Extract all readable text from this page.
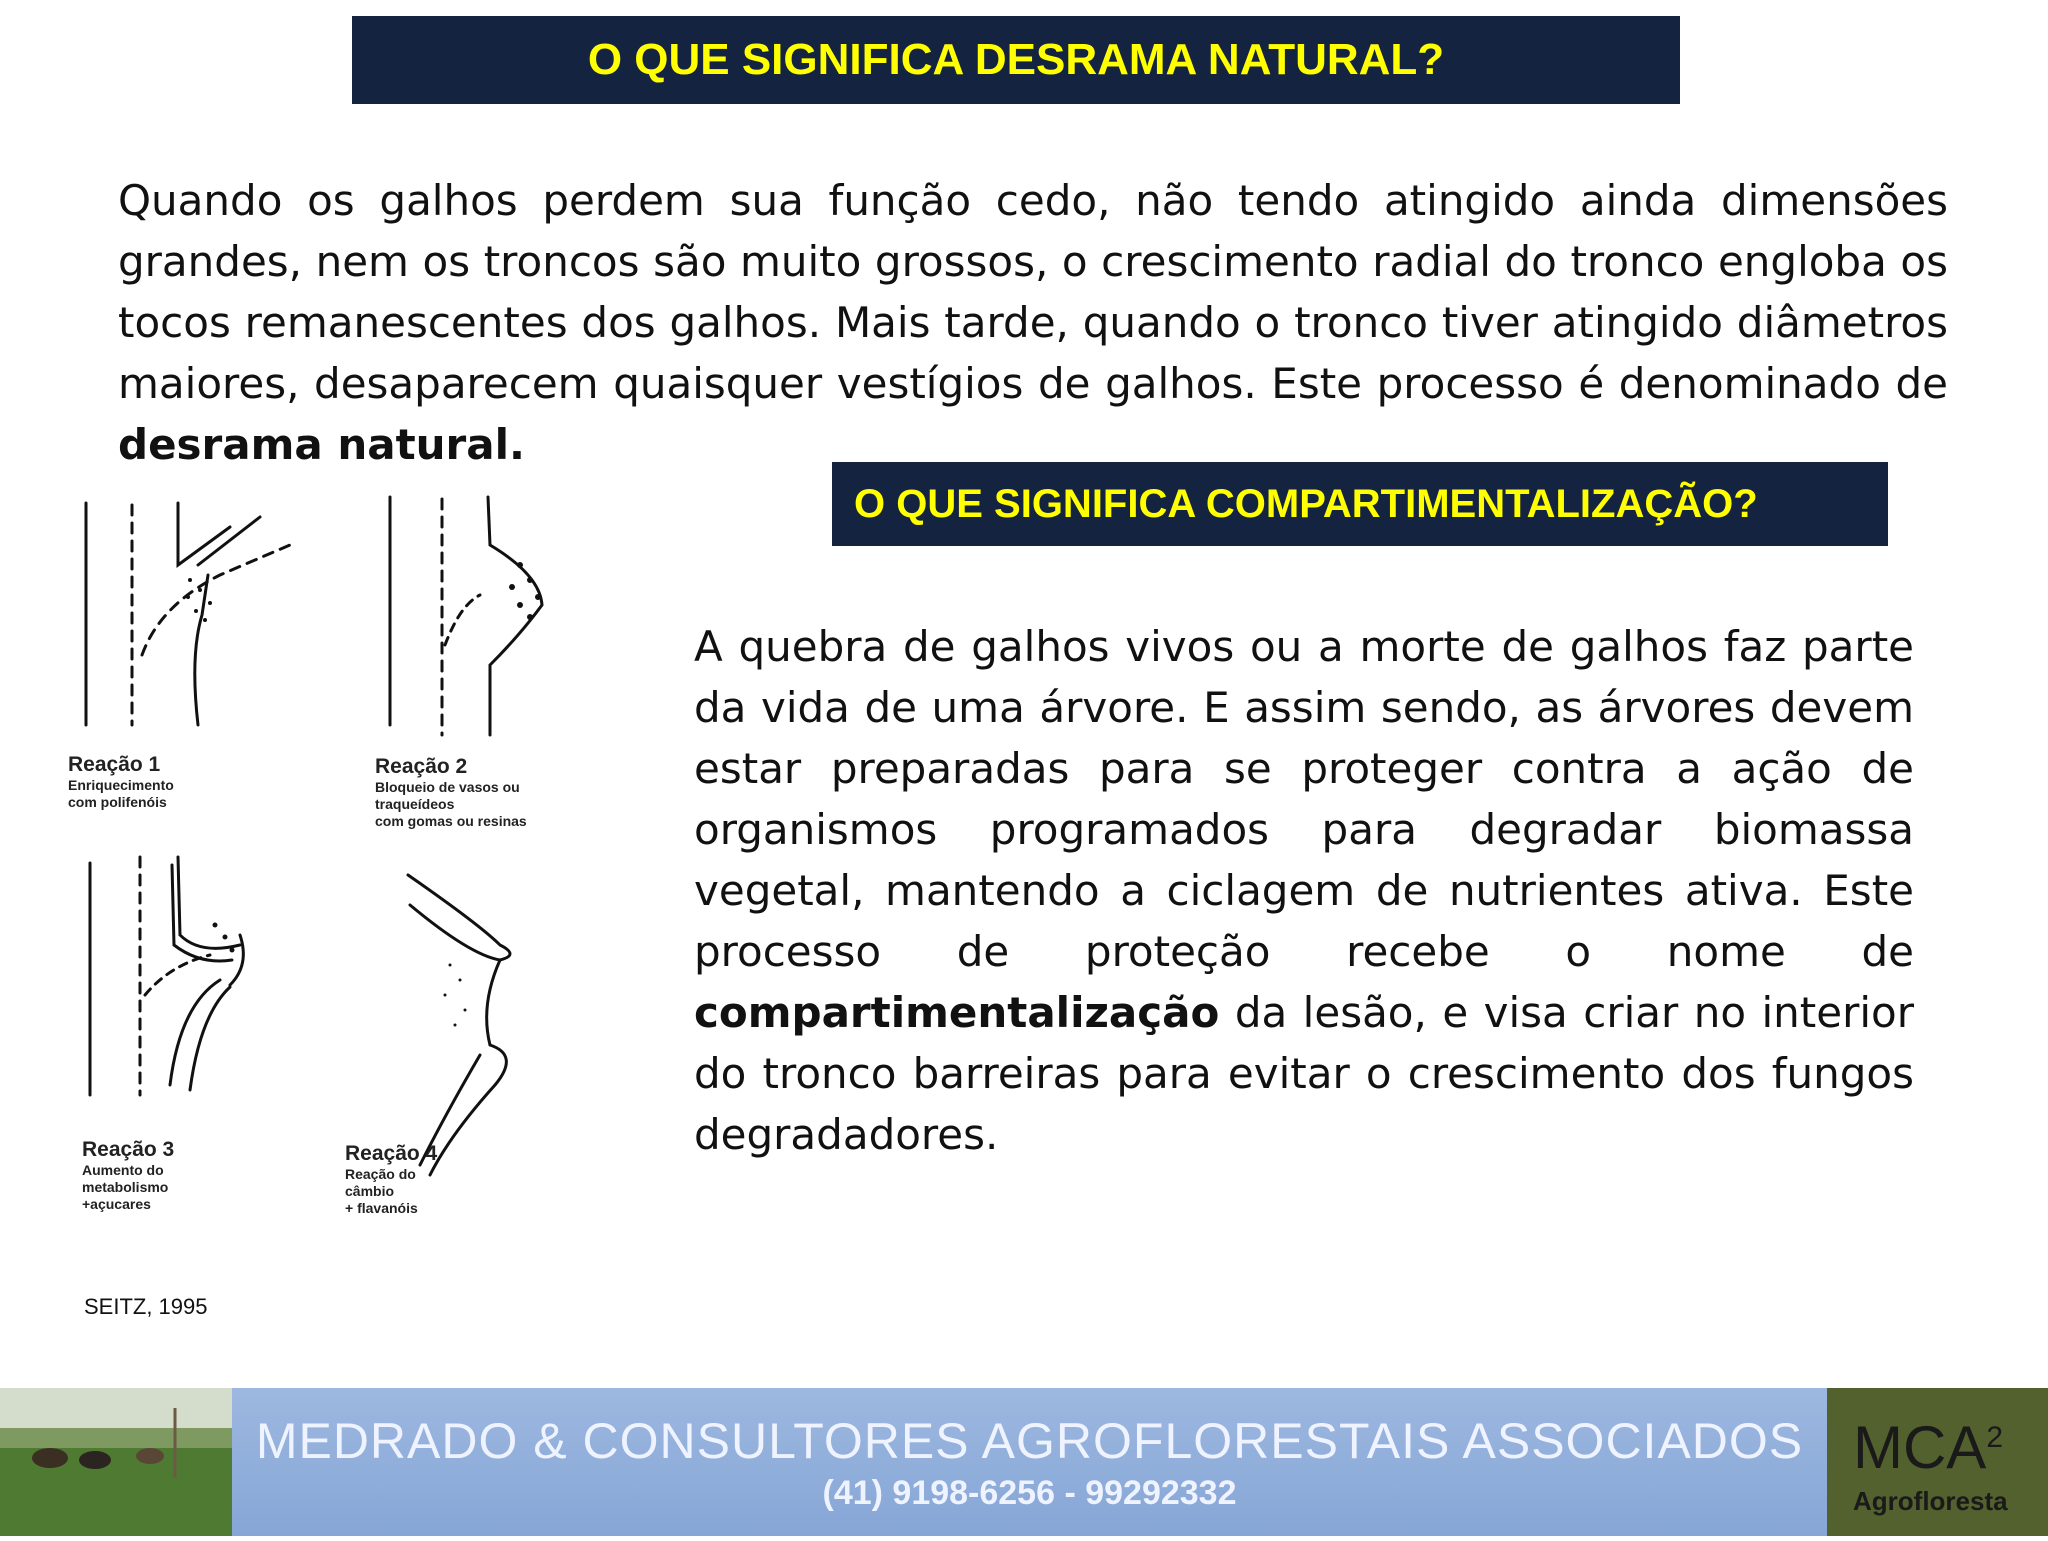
O QUE SIGNIFICA DESRAMA NATURAL?
Quando os galhos perdem sua função cedo, não tendo atingido ainda dimensões grandes, nem os troncos são muito grossos, o crescimento radial do tronco engloba os tocos remanescentes dos galhos. Mais tarde, quando o tronco tiver atingido diâmetros maiores, desaparecem quaisquer vestígios de galhos. Este processo é denominado de desrama natural.
O QUE SIGNIFICA COMPARTIMENTALIZAÇÃO?
A quebra de galhos vivos ou a morte de galhos faz parte da vida de uma árvore. E assim sendo, as árvores devem estar preparadas para se proteger contra a ação de organismos programados para degradar biomassa vegetal, mantendo a ciclagem de nutrientes ativa. Este processo de proteção recebe o nome de compartimentalização da lesão, e visa criar no interior do tronco barreiras para evitar o crescimento dos fungos degradadores.
Reação 1
Enriquecimento
com polifenóis
Reação 2
Bloqueio de vasos ou
traqueídeos
com gomas ou resinas
Reação 3
Aumento do
metabolismo
+açucares
Reação 4
Reação do
câmbio
+ flavanóis
SEITZ, 1995
MEDRADO & CONSULTORES AGROFLORESTAIS ASSOCIADOS
(41) 9198-6256 - 99292332
MCA$^2$
Agrofloresta
